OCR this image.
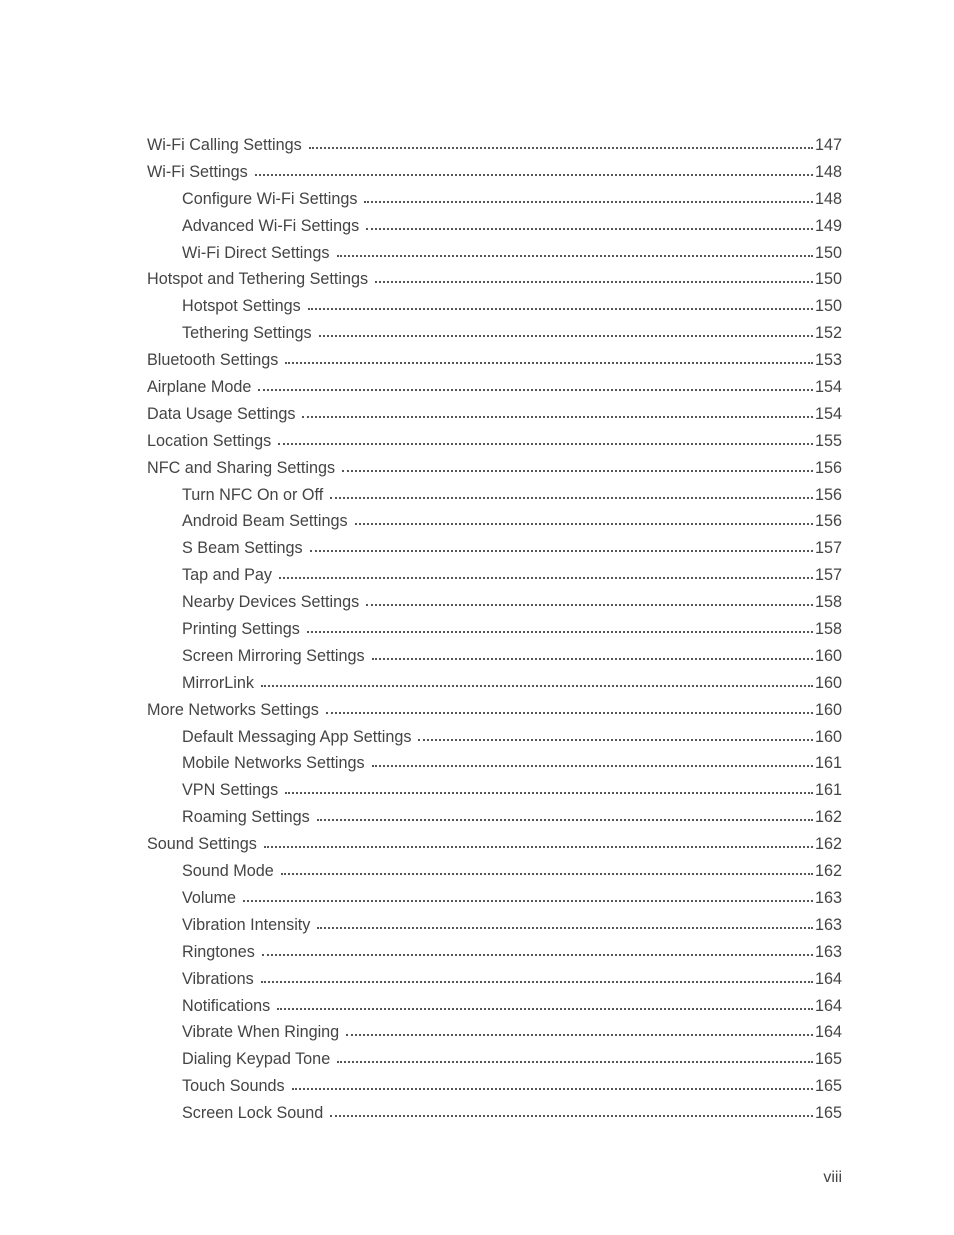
Wi-Fi Calling Settings	147
Wi-Fi Settings	148
Configure Wi-Fi Settings	148
Advanced Wi-Fi Settings	149
Wi-Fi Direct Settings	150
Hotspot and Tethering Settings	150
Hotspot Settings	150
Tethering Settings	152
Bluetooth Settings	153
Airplane Mode	154
Data Usage Settings	154
Location Settings	155
NFC and Sharing Settings	156
Turn NFC On or Off	156
Android Beam Settings	156
S Beam Settings	157
Tap and Pay	157
Nearby Devices Settings	158
Printing Settings	158
Screen Mirroring Settings	160
MirrorLink	160
More Networks Settings	160
Default Messaging App Settings	160
Mobile Networks Settings	161
VPN Settings	161
Roaming Settings	162
Sound Settings	162
Sound Mode	162
Volume	163
Vibration Intensity	163
Ringtones	163
Vibrations	164
Notifications	164
Vibrate When Ringing	164
Dialing Keypad Tone	165
Touch Sounds	165
Screen Lock Sound	165
viii
